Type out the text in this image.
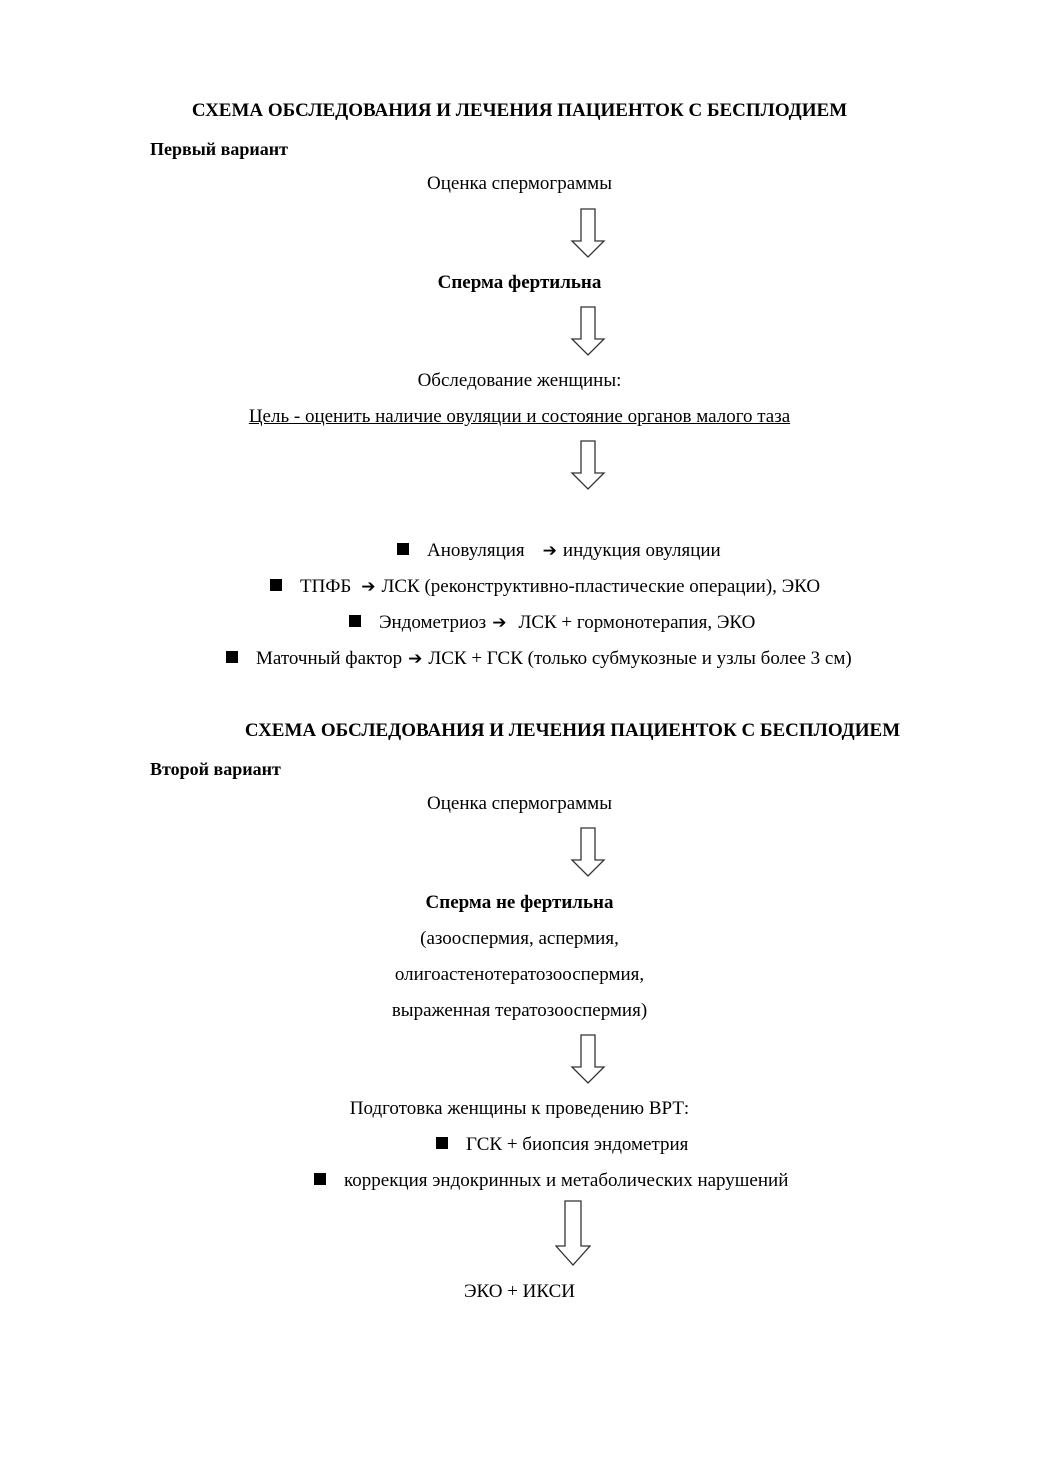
СХЕМА ОБСЛЕДОВАНИЯ И ЛЕЧЕНИЯ ПАЦИЕНТОК С БЕСПЛОДИЕМ
Первый вариант
Оценка спермограммы
Сперма фертильна
Обследование женщины:
Цель - оценить наличие овуляции и состояние органов малого таза
Ановуляция ➔ индукция овуляции
ТПФБ ➔ ЛСК (реконструктивно-пластические операции), ЭКО
Эндометриоз ➔ ЛСК + гормонотерапия, ЭКО
Маточный фактор ➔ ЛСК + ГСК (только субмукозные и узлы более 3 см)
СХЕМА ОБСЛЕДОВАНИЯ И ЛЕЧЕНИЯ ПАЦИЕНТОК С БЕСПЛОДИЕМ
Второй вариант
Оценка спермограммы
Сперма не фертильна
(азооспермия, аспермия,
олигоастенотератозооспермия,
выраженная тератозооспермия)
Подготовка женщины к проведению ВРТ:
ГСК + биопсия эндометрия
коррекция эндокринных и метаболических нарушений
ЭКО + ИКСИ
